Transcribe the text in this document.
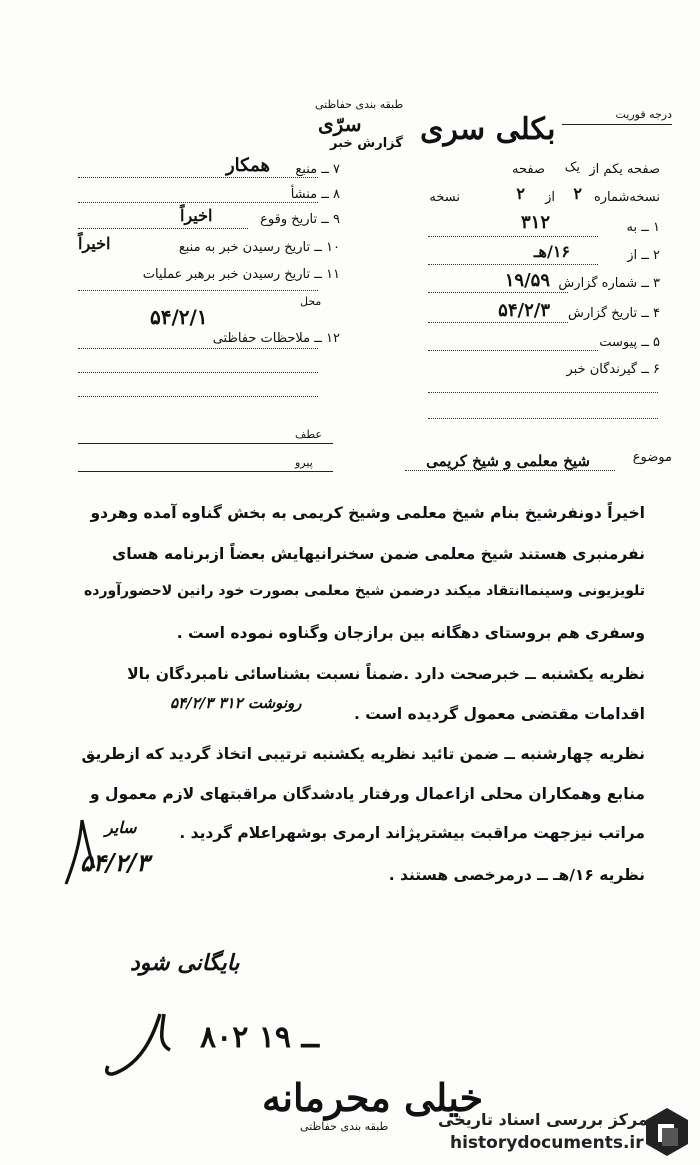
درجه فوریت
طبقه بندی حفاظتی
بکلی سری
سرّی
گزارش خبر
۷ ــ منبع
همکار
۸ ــ منشأ
۹ ــ تاریخ وقوع
اخیراً
۱۰ ــ تاریخ رسیدن خبر به منبع
اخیراً
۱۱ ــ تاریخ رسیدن خبر برهبر عملیات
محل
۵۴/۲/۱
۱۲ ــ ملاحظات حفاظتی
صفحه یکم از
یک
صفحه
نسخه‌شماره
۲
از
۲
نسخه
۱ ــ به
۳۱۲
۲ ــ از
۱۶/هـ
۳ ــ شماره گزارش
۱۹/۵۹
۴ ــ تاریخ گزارش
۵۴/۲/۳
۵ ــ پیوست
۶ ــ گیرندگان خبر
عطف
پیرو	موضوع
شیخ معلمی و شیخ کریمی
اخیراً دونفرشیخ بنام شیخ معلمی وشیخ کریمی به بخش گناوه آمده وهردو
نفرمنبری هستند شیخ معلمی ضمن سخنرانیهایش بعضاً ازبرنامه هسای
تلویزیونی وسینماانتقاد میکند درضمن شیخ معلمی بصورت خود رانین لاحضورآورده
وسفری هم بروستای دهگانه بین برازجان وگناوه نموده است .
نظریه یکشنبه ــ خبرصحت دارد .ضمناً نسبت بشناسائی نامبردگان بالا
رونوشت ۳۱۲ ۵۴/۲/۳
اقدامات مقتضی معمول گردیده است .
نظریه چهارشنبه ــ ضمن تائید نظریه یکشنبه ترتیبی اتخاذ گردید که ازطریق
منابع وهمکاران محلی ازاعمال ورفتار یادشدگان مراقبتهای لازم معمول و
مراتب نیزجهت مراقبت بیشترپژاند ارمری بوشهراعلام گردید .
نظریه ۱۶/هـ ــ درمرخصی هستند .
سایر
۵۴/۲/۳
بایگانی شود
۸۰۲ ــ ۱۹
خیلی محرمانه
طبقه بندی حفاظتی	مرکز بررسی اسناد تاریخی
historydocuments.ir
